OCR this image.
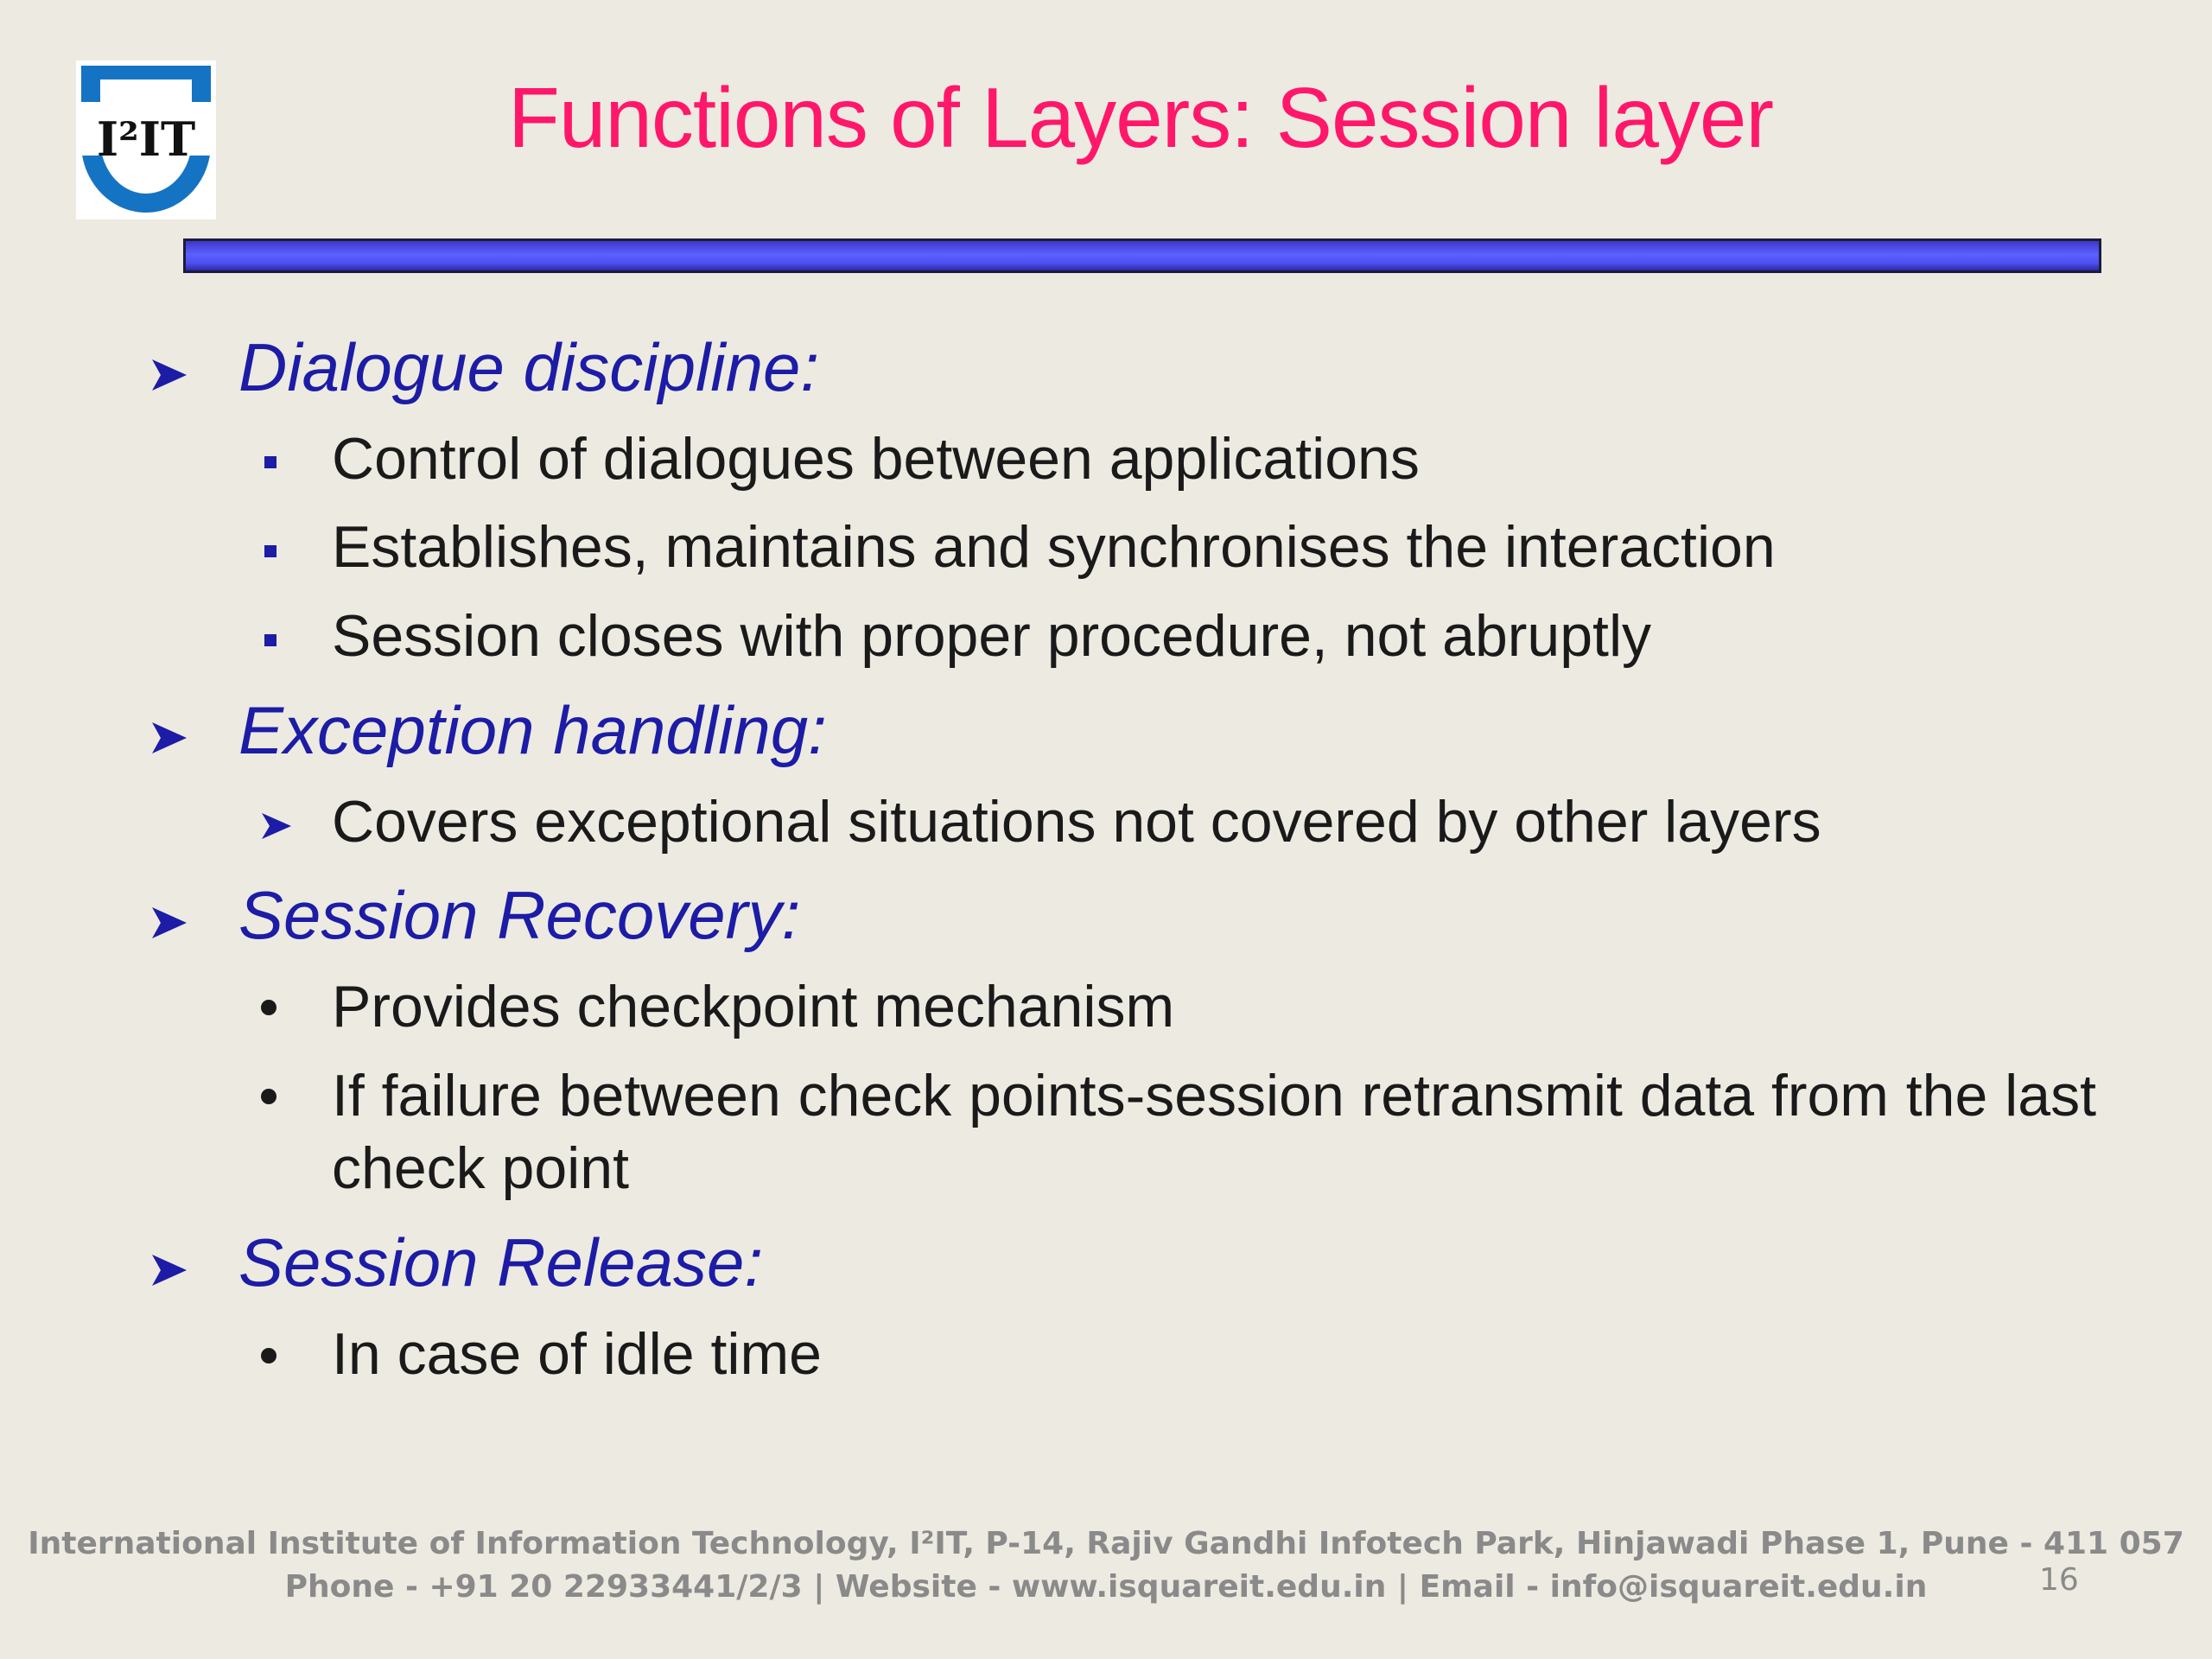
I²IT	Functions of Layers: Session layer
Dialogue discipline:
Control of dialogues between applications
Establishes, maintains and synchronises the interaction
Session closes with proper procedure, not abruptly
Exception handling:
Covers exceptional situations not covered by other layers
Session Recovery:
Provides checkpoint mechanism
If failure between check points-session retransmit data from the last check point
Session Release:
In case of idle time
International Institute of Information Technology, I²IT, P-14, Rajiv Gandhi Infotech Park, Hinjawadi Phase 1, Pune - 411 057
Phone - +91 20 22933441/2/3 | Website - www.isquareit.edu.in | Email - info@isquareit.edu.in	16
